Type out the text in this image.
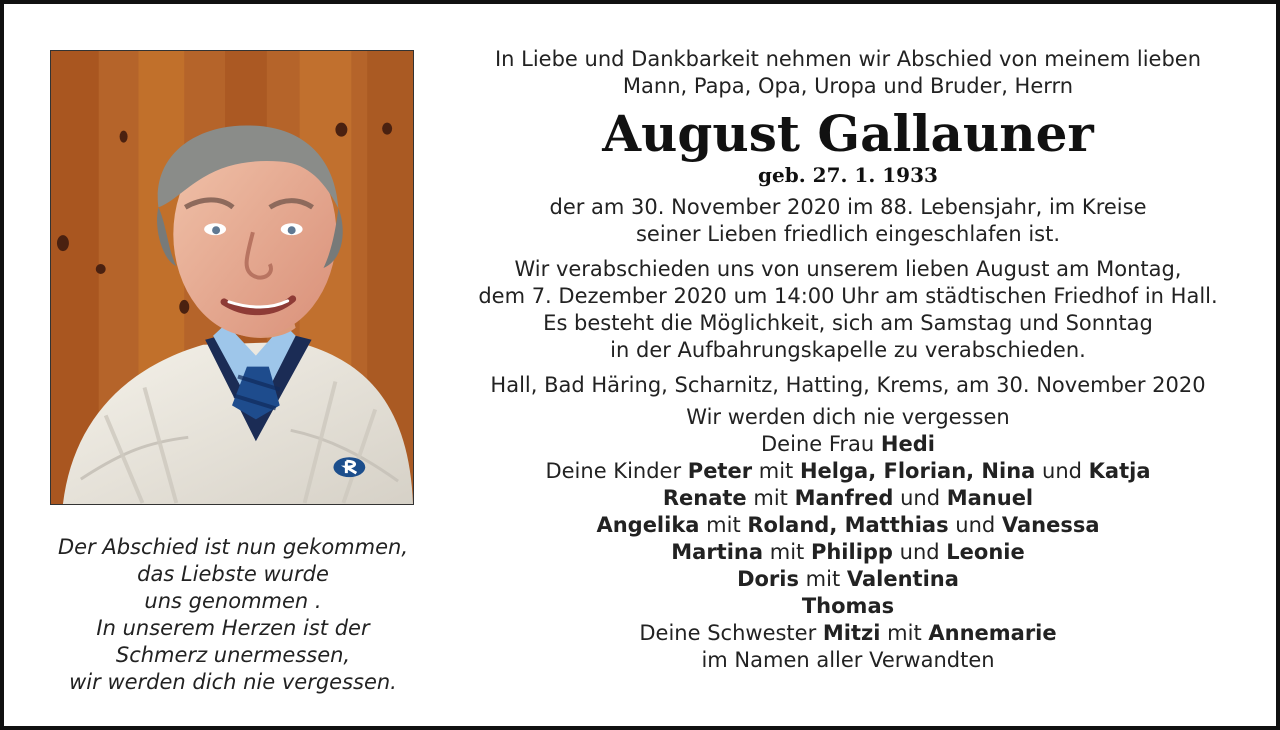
Der Abschied ist nun gekommen,
das Liebste wurde
uns genommen .
In unserem Herzen ist der
Schmerz unermessen,
wir werden dich nie vergessen.
In Liebe und Dankbarkeit nehmen wir Abschied von meinem lieben
Mann, Papa, Opa, Uropa und Bruder, Herrn
August Gallauner
geb. 27. 1. 1933
der am 30. November 2020 im 88. Lebensjahr, im Kreise
seiner Lieben friedlich eingeschlafen ist.
Wir verabschieden uns von unserem lieben August am Montag,
dem 7. Dezember 2020 um 14:00 Uhr am städtischen Friedhof in Hall.
Es besteht die Möglichkeit, sich am Samstag und Sonntag
in der Aufbahrungskapelle zu verabschieden.
Hall, Bad Häring, Scharnitz, Hatting, Krems, am 30. November 2020
Wir werden dich nie vergessen
Deine Frau Hedi
Deine Kinder Peter mit Helga, Florian, Nina und Katja
Renate mit Manfred und Manuel
Angelika mit Roland, Matthias und Vanessa
Martina mit Philipp und Leonie
Doris mit Valentina
Thomas
Deine Schwester Mitzi mit Annemarie
im Namen aller Verwandten
